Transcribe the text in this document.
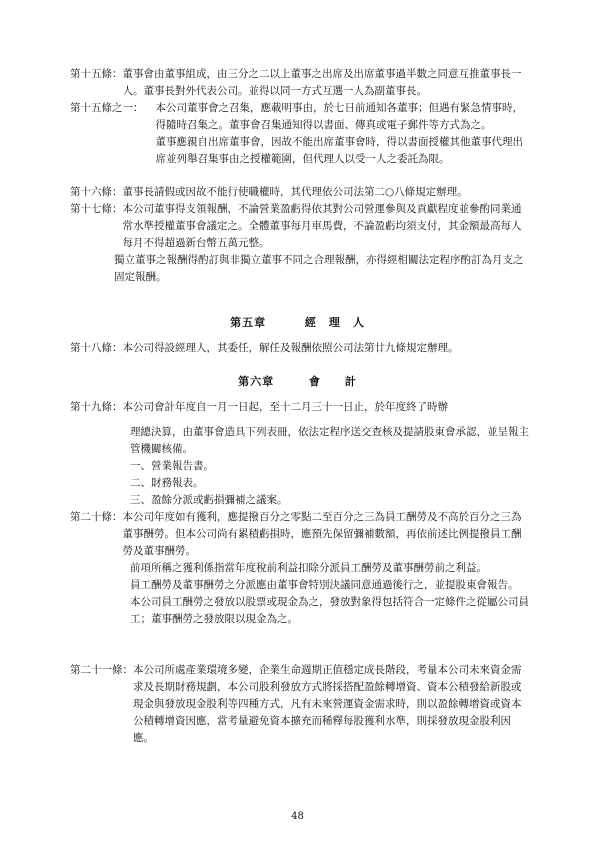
第十五條： 董事會由董事組成，由三分之二以上董事之出席及出席董事過半數之同意互推董事長一人。董事長對外代表公司。並得以同一方式互選一人為副董事長。
第十五條之一：	本公司董事會之召集，應載明事由，於七日前通知各董事；但遇有緊急情事時，得隨時召集之。董事會召集通知得以書面、傳真或電子郵件等方式為之。

董事應親自出席董事會，因故不能出席董事會時，得以書面授權其他董事代理出席並列舉召集事由之授權範圍，但代理人以受一人之委託為限。

第十六條： 董事長請假或因故不能行使職權時，其代理依公司法第二○八條規定辦理。
第十七條： 本公司董事得支領報酬，不論營業盈虧得依其對公司營運參與及貢獻程度並參酌同業通常水準授權董事會議定之。全體董事每月車馬費，不論盈虧均須支付，其金額最高每人每月不得超過新台幣五萬元整。

獨立董事之報酬得酌訂與非獨立董事不同之合理報酬，亦得經相關法定程序酌訂為月支之固定報酬。

第五章	經　理　人
第十八條： 本公司得設經理人，其委任，解任及報酬依照公司法第廿九條規定辦理。
第六章	會　　計
第十九條： 本公司會計年度自一月一日起，至十二月三十一日止，於年度終了時辦

理總決算，由董事會造具下列表冊，依法定程序送交查核及提請股東會承認，並呈報主管機關核備。

一、營業報告書。

二、財務報表。

三、盈餘分派或虧損彌補之議案。

第二十條： 本公司年度如有獲利，應提撥百分之零點二至百分之三為員工酬勞及不高於百分之三為董事酬勞。但本公司尚有累積虧損時，應預先保留彌補數額，再依前述比例提撥員工酬勞及董事酬勞。

前項所稱之獲利係指當年度稅前利益扣除分派員工酬勞及董事酬勞前之利益。

員工酬勞及董事酬勞之分派應由董事會特別決議同意通過後行之，並提股東會報告。

本公司員工酬勞之發放以股票或現金為之，發放對象得包括符合一定條件之從屬公司員工；董事酬勞之發放限以現金為之。

第二十一條： 本公司所處產業環境多變，企業生命週期正值穩定成長階段，考量本公司未來資金需求及長期財務規劃，本公司股利發放方式將採搭配盈餘轉增資、資本公積發給新股或現金與發放現金股利等四種方式，凡有未來營運資金需求時，則以盈餘轉增資或資本公積轉增資因應，當考量避免資本擴充而稀釋每股獲利水準，則採發放現金股利因應。
48
